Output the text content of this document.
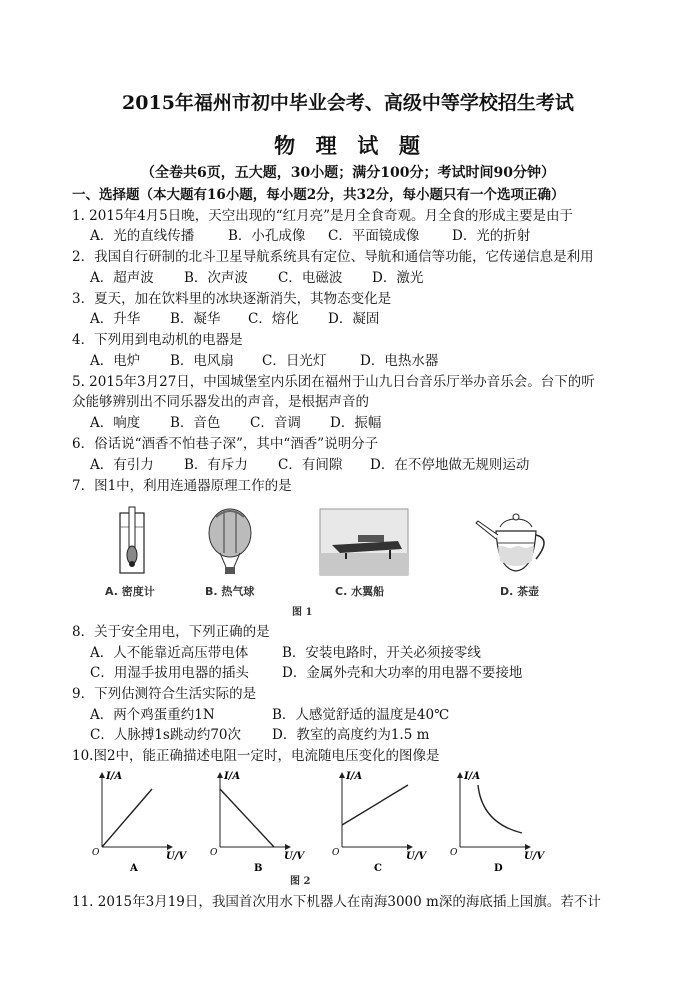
2015年福州市初中毕业会考、高级中等学校招生考试
物  理  试  题
（全卷共6页，五大题，30小题；满分100分；考试时间90分钟）
一、选择题（本大题有16小题，每小题2分，共32分，每小题只有一个选项正确）
1. 2015年4月5日晚，天空出现的“红月亮”是月全食奇观。月全食的形成主要是由于
A．光的直线传播	B．小孔成像 C．平面镜成像 D．光的折射
2．我国自行研制的北斗卫星导航系统具有定位、导航和通信等功能，它传递信息是利用
A．超声波 B．次声波 C．电磁波 D．激光
3．夏天，加在饮料里的冰块逐渐消失，其物态变化是
A．升华 B．凝华 C．熔化 D．凝固
4．下列用到电动机的电器是
A．电炉 B．电风扇 C．日光灯 D．电热水器
5. 2015年3月27日，中国城堡室内乐团在福州于山九日台音乐厅举办音乐会。台下的听
众能够辨别出不同乐器发出的声音，是根据声音的
A．响度 B．音色 C．音调 D．振幅
6．俗话说“酒香不怕巷子深”，其中“酒香”说明分子
A．有引力 B．有斥力 C．有间隙 D．在不停地做无规则运动
7．图1中，利用连通器原理工作的是
A. 密度计	B. 热气球	C. 水翼船	D. 茶壶
图 1
8．关于安全用电，下列正确的是
A．人不能靠近高压带电体	B．安装电路时，开关必须接零线
C．用湿手拔用电器的插头 D．金属外壳和大功率的用电器不要接地
9．下列估测符合生活实际的是
A．两个鸡蛋重约1N	B．人感觉舒适的温度是40℃
C．人脉搏1s跳动约70次 D．教室的高度约为1.5 m
10.图2中，能正确描述电阻一定时，电流随电压变化的图像是
I/A
O	U/V
A
I/A
O	U/V
B
I/A
O	U/V
C
I/A
O	U/V
D
图 2
11. 2015年3月19日，我国首次用水下机器人在南海3000 m深的海底插上国旗。若不计
